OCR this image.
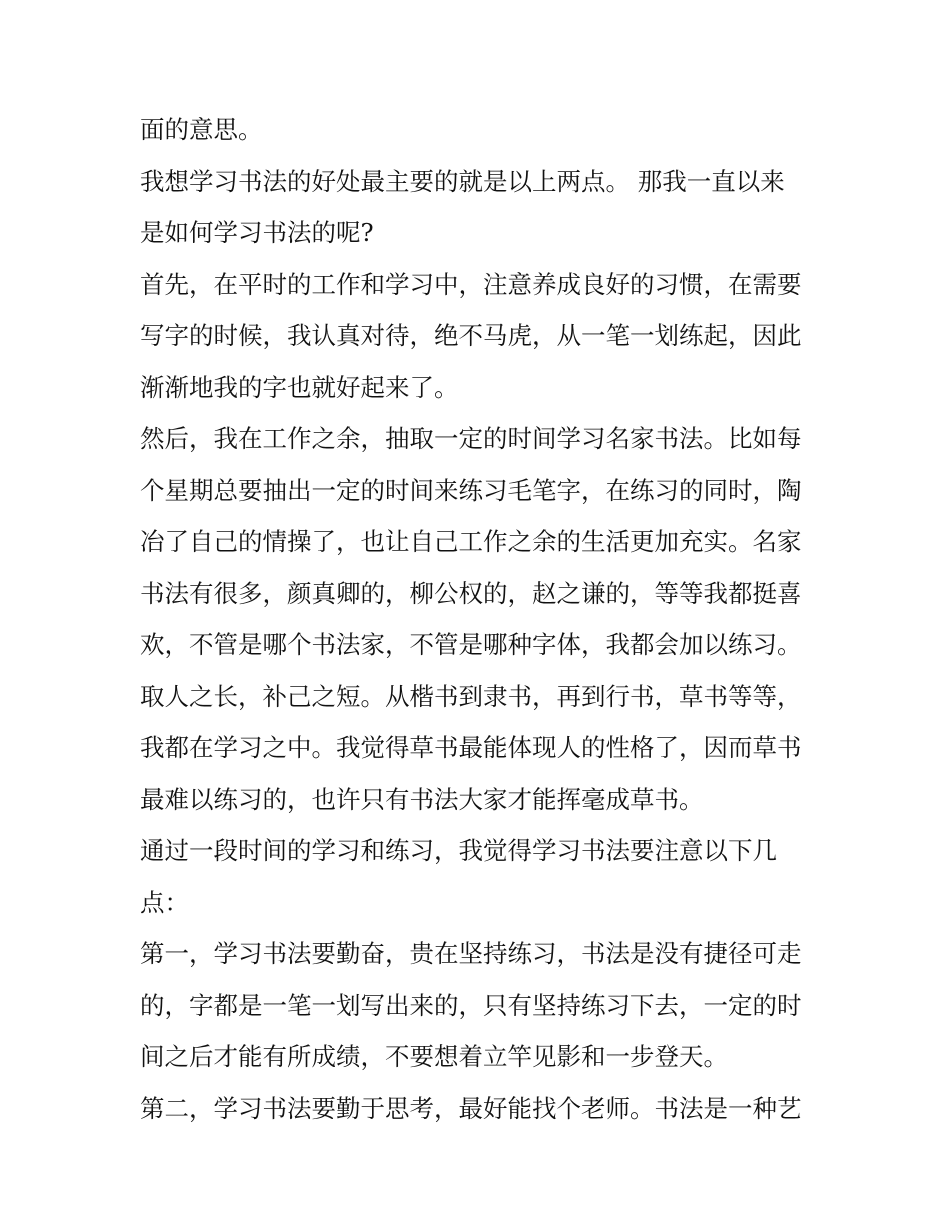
面的意思。
我想学习书法的好处最主要的就是以上两点。 那我一直以来
是如何学习书法的呢?
首先，在平时的工作和学习中，注意养成良好的习惯，在需要
写字的时候，我认真对待，绝不马虎，从一笔一划练起，因此
渐渐地我的字也就好起来了。
然后，我在工作之余，抽取一定的时间学习名家书法。比如每
个星期总要抽出一定的时间来练习毛笔字，在练习的同时，陶
冶了自己的情操了，也让自己工作之余的生活更加充实。名家
书法有很多，颜真卿的，柳公权的，赵之谦的，等等我都挺喜
欢，不管是哪个书法家，不管是哪种字体，我都会加以练习。
取人之长，补己之短。从楷书到隶书，再到行书，草书等等，
我都在学习之中。我觉得草书最能体现人的性格了，因而草书
最难以练习的，也许只有书法大家才能挥毫成草书。
通过一段时间的学习和练习，我觉得学习书法要注意以下几
点：
第一，学习书法要勤奋，贵在坚持练习，书法是没有捷径可走
的，字都是一笔一划写出来的，只有坚持练习下去，一定的时
间之后才能有所成绩，不要想着立竿见影和一步登天。
第二，学习书法要勤于思考，最好能找个老师。书法是一种艺
